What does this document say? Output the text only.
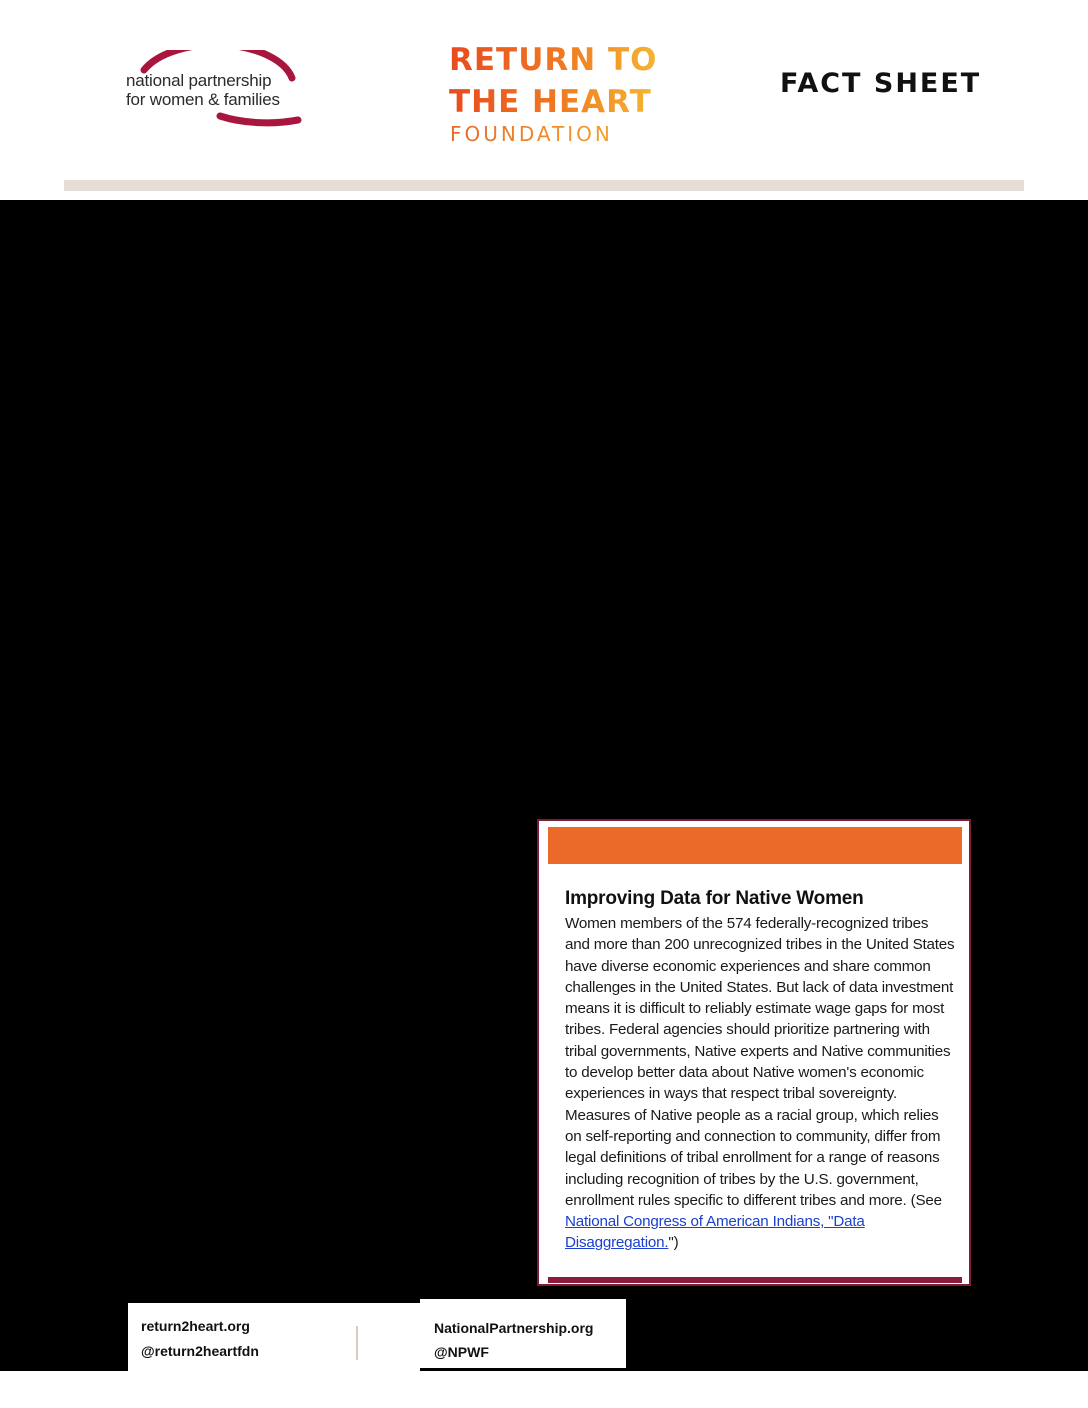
national partnership
for women & families
RETURN TO
THE HEART
FOUNDATION
FACT SHEET
Improving Data for Native Women
Women members of the 574 federally-recognized tribes and more than 200 unrecognized tribes in the United States have diverse economic experiences and share common challenges in the United States. But lack of data investment means it is difficult to reliably estimate wage gaps for most tribes. Federal agencies should prioritize partnering with tribal governments, Native experts and Native communities to develop better data about Native women's economic experiences in ways that respect tribal sovereignty. Measures of Native people as a racial group, which relies on self-reporting and connection to community, differ from legal definitions of tribal enrollment for a range of reasons including recognition of tribes by the U.S. government, enrollment rules specific to different tribes and more. (See National Congress of American Indians, "Data Disaggregation.")
return2heart.org
@return2heartfdn
NationalPartnership.org
@NPWF
